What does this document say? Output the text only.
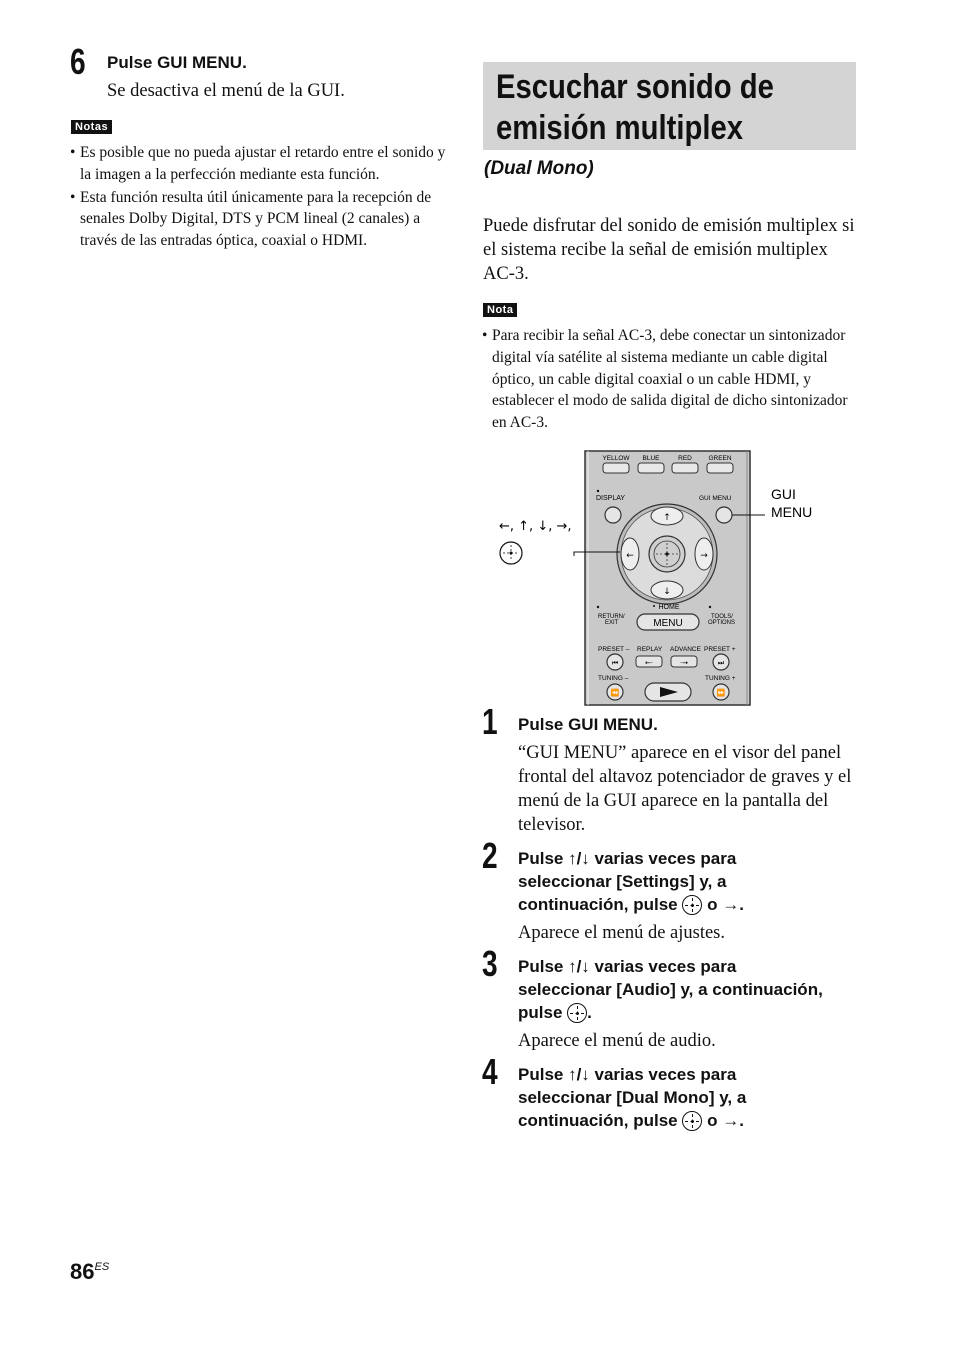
6 Pulse GUI MENU.
Se desactiva el menú de la GUI.
Notas
• Es posible que no pueda ajustar el retardo entre el sonido y la imagen a la perfección mediante esta función.
• Esta función resulta útil únicamente para la recepción de senales Dolby Digital, DTS y PCM lineal (2 canales) a través de las entradas óptica, coaxial o HDMI.
Escuchar sonido de
emisión multiplex
(Dual Mono)
Puede disfrutar del sonido de emisión multiplex si el sistema recibe la señal de emisión multiplex AC-3.
Nota
• Para recibir la señal AC-3, debe conectar un sintonizador digital vía satélite al sistema mediante un cable digital óptico, un cable digital coaxial o un cable HDMI, y establecer el modo de salida digital de dicho sintonizador en AC-3.
YELLOW BLUE	RED	GREEN
DISPLAY	GUI MENU
↑
↓
←	→
HOME
MENU
RETURN/
EXIT
TOOLS/
OPTIONS
PRESET – REPLAY ADVANCE PRESET +
⏮	←·	·→	⏭
TUNING –	TUNING +
⏪	⏩
←, ↑, ↓, →,
GUI
MENU
1 Pulse GUI MENU.
“GUI MENU” aparece en el visor del panel frontal del altavoz potenciador de graves y el menú de la GUI aparece en la pantalla del televisor.
2 Pulse ↑/↓ varias veces para
seleccionar [Settings] y, a
continuación, pulse o →.
Aparece el menú de ajustes.
3 Pulse ↑/↓ varias veces para
seleccionar [Audio] y, a continuación,
pulse .
Aparece el menú de audio.
4 Pulse ↑/↓ varias veces para
seleccionar [Dual Mono] y, a
continuación, pulse o →.
$86^{ES}$
